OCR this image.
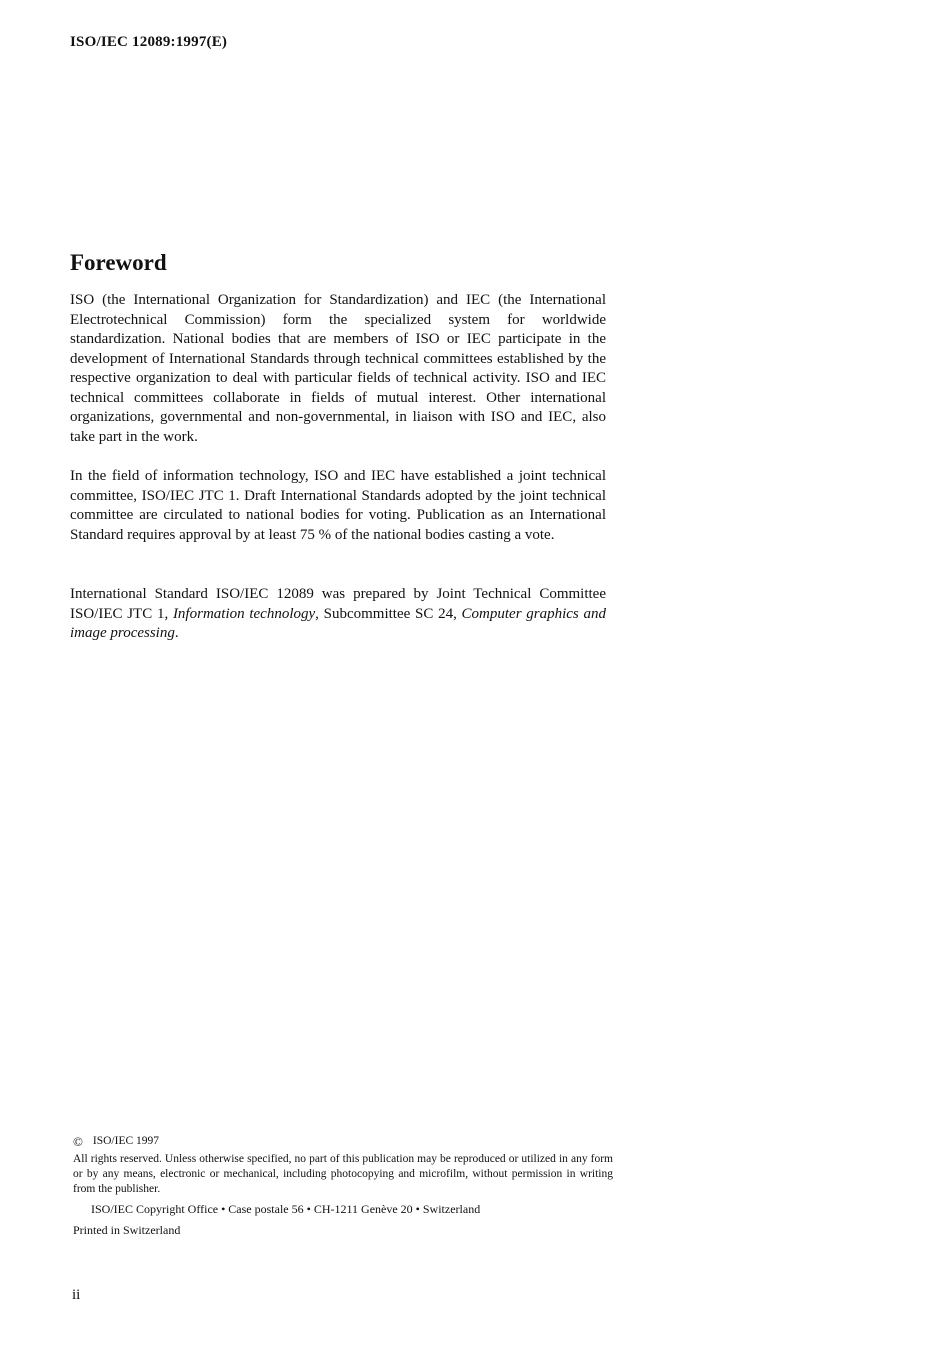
ISO/IEC 12089:1997(E)
Foreword

ISO (the International Organization for Standardization) and IEC (the International Electrotechnical Commission) form the specialized system for worldwide standardization. National bodies that are members of ISO or IEC participate in the development of International Standards through technical committees established by the respective organization to deal with particular fields of technical activity. ISO and IEC technical committees collaborate in fields of mutual interest. Other international organizations, governmental and non-governmental, in liaison with ISO and IEC, also take part in the work.

In the field of information technology, ISO and IEC have established a joint technical committee, ISO/IEC JTC 1. Draft International Standards adopted by the joint technical committee are circulated to national bodies for voting. Publication as an International Standard requires approval by at least 75 % of the national bodies casting a vote.

International Standard ISO/IEC 12089 was prepared by Joint Technical Committee ISO/IEC JTC 1, Information technology, Subcommittee SC 24, Computer graphics and image processing.

© ISO/IEC 1997

All rights reserved. Unless otherwise specified, no part of this publication may be reproduced or utilized in any form or by any means, electronic or mechanical, including photocopying and microfilm, without permission in writing from the publisher.

ISO/IEC Copyright Office • Case postale 56 • CH-1211 Genève 20 • Switzerland

Printed in Switzerland

ii
